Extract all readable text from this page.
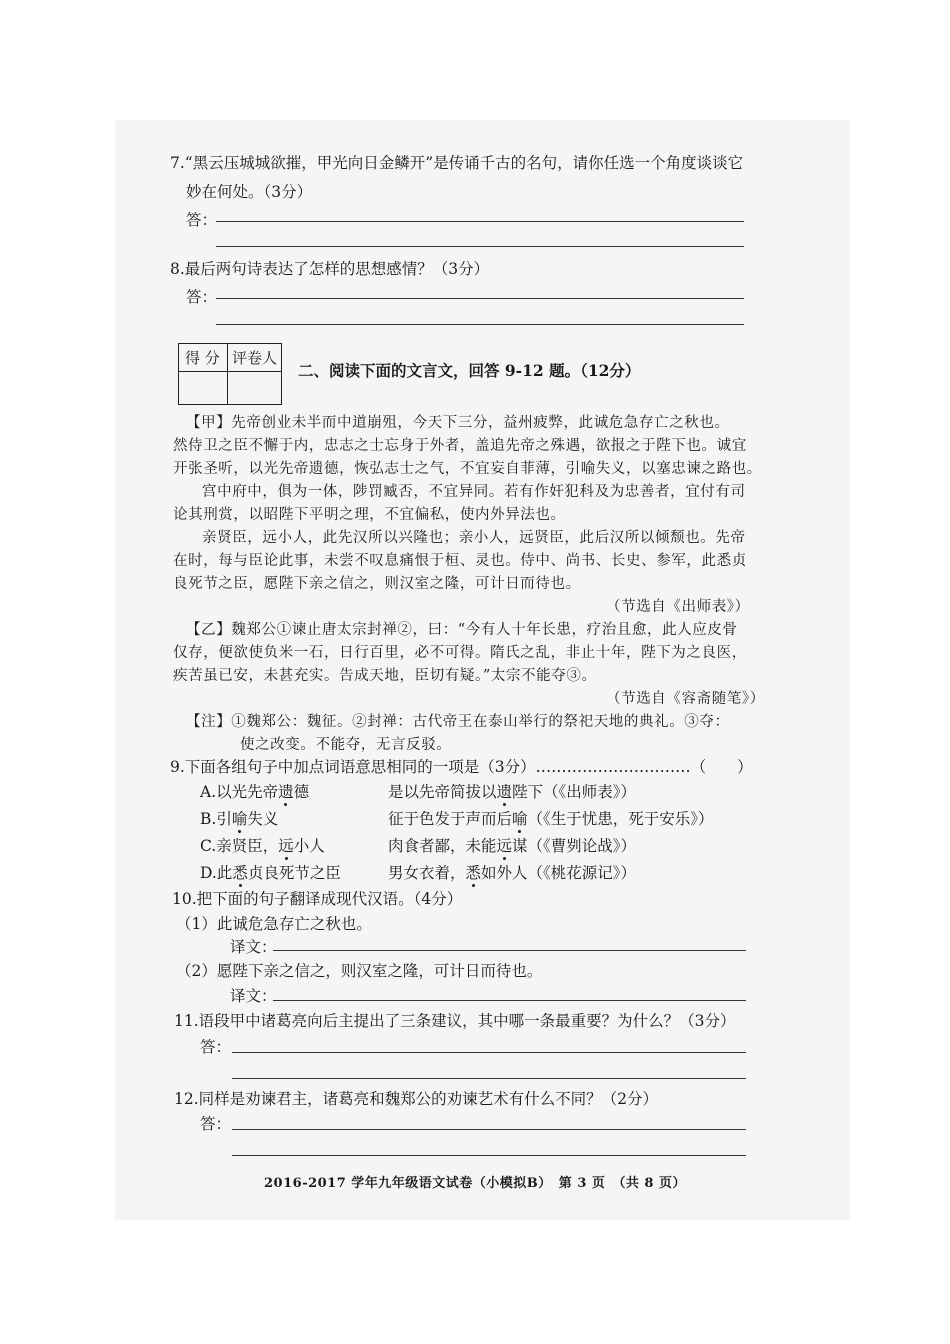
7.“黑云压城城欲摧，甲光向日金鳞开”是传诵千古的名句，请你任选一个角度谈谈它
妙在何处。（3分）
答：
8.最后两句诗表达了怎样的思想感情？（3分）
答：
得 分 评卷人
二、阅读下面的文言文，回答 9-12 题。（12分）
【甲】先帝创业未半而中道崩殂，今天下三分，益州疲弊，此诚危急存亡之秋也。
然侍卫之臣不懈于内，忠志之士忘身于外者，盖追先帝之殊遇，欲报之于陛下也。诚宜
开张圣听，以光先帝遗德，恢弘志士之气，不宜妄自菲薄，引喻失义，以塞忠谏之路也。
宫中府中，俱为一体，陟罚臧否，不宜异同。若有作奸犯科及为忠善者，宜付有司
论其刑赏，以昭陛下平明之理，不宜偏私，使内外异法也。
亲贤臣，远小人，此先汉所以兴隆也；亲小人，远贤臣，此后汉所以倾颓也。先帝
在时，每与臣论此事，未尝不叹息痛恨于桓、灵也。侍中、尚书、长史、参军，此悉贞
良死节之臣，愿陛下亲之信之，则汉室之隆，可计日而待也。
（节选自《出师表》）
【乙】魏郑公①谏止唐太宗封禅②，曰：“今有人十年长患，疗治且愈，此人应皮骨
仅存，便欲使负米一石，日行百里，必不可得。隋氏之乱，非止十年，陛下为之良医，
疾苦虽已安，未甚充实。告成天地，臣切有疑。”太宗不能夺③。
（节选自《容斋随笔》）
【注】①魏郑公：魏征。②封禅：古代帝王在泰山举行的祭祀天地的典礼。③夺：
使之改变。不能夺，无言反驳。
9.下面各组句子中加点词语意思相同的一项是（3分）…………………………（　　）
A.以光先帝遗德	是以先帝简拔以遗陛下（《出师表》）
B.引喻失义	征于色发于声而后喻（《生于忧患，死于安乐》）
C.亲贤臣，远小人	肉食者鄙，未能远谋（《曹刿论战》）
D.此悉贞良死节之臣	男女衣着，悉如外人（《桃花源记》）
10.把下面的句子翻译成现代汉语。（4分）
（1）此诚危急存亡之秋也。
译文：
（2）愿陛下亲之信之，则汉室之隆，可计日而待也。
译文：
11.语段甲中诸葛亮向后主提出了三条建议，其中哪一条最重要？为什么？（3分）
答：
12.同样是劝谏君主，诸葛亮和魏郑公的劝谏艺术有什么不同？（2分）
答：
2016-2017 学年九年级语文试卷（小模拟B）　第 3 页　（共 8 页）
